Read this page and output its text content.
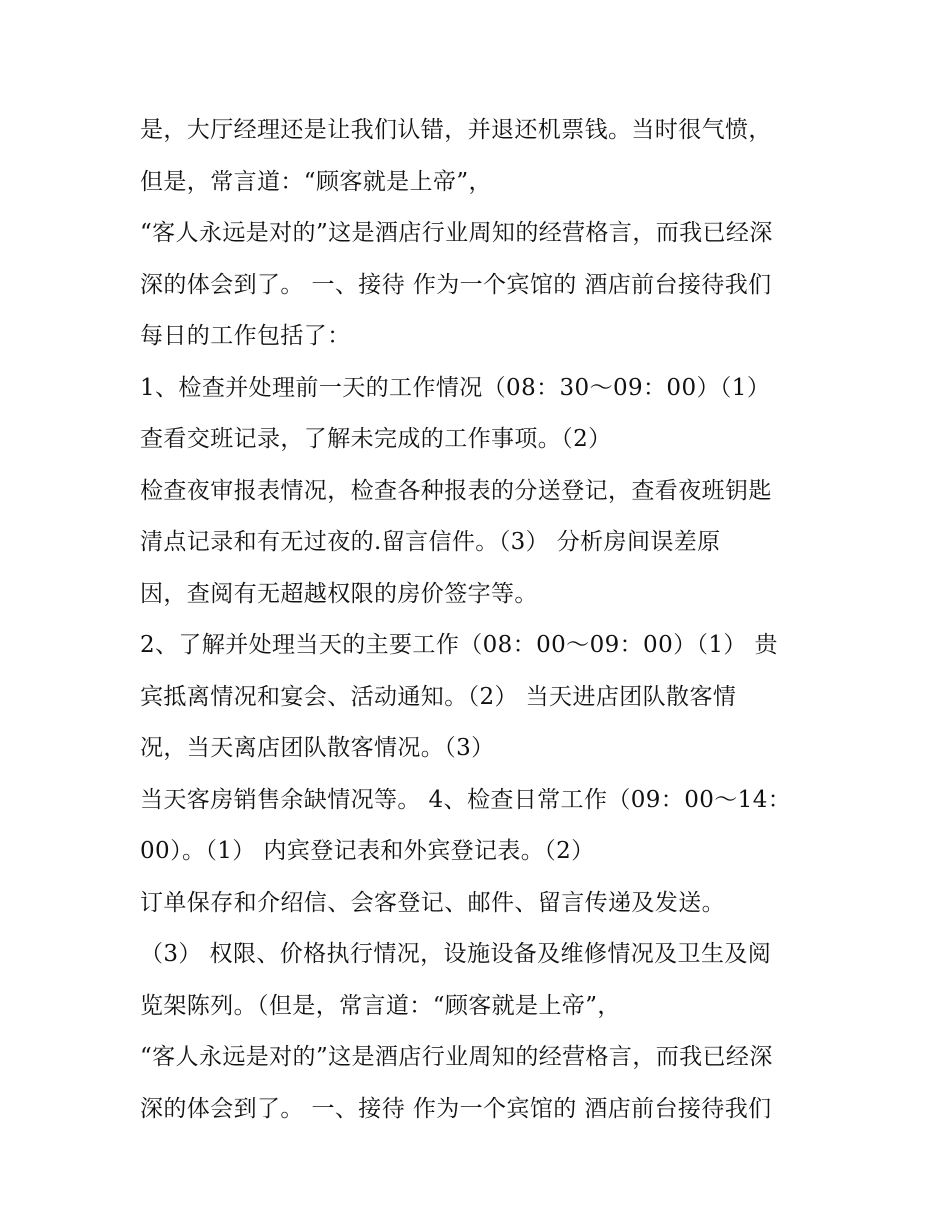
是，大厅经理还是让我们认错，并退还机票钱。当时很气愤，
但是，常言道：“顾客就是上帝”，
“客人永远是对的”这是酒店行业周知的经营格言，而我已经深
深的体会到了。 一、接待 作为一个宾馆的 酒店前台接待我们
每日的工作包括了：
1、检查并处理前一天的工作情况（08：30～09：00）（1）
查看交班记录，了解未完成的工作事项。（2）
检查夜审报表情况，检查各种报表的分送登记，查看夜班钥匙
清点记录和有无过夜的.留言信件。（3） 分析房间误差原
因，查阅有无超越权限的房价签字等。
2、了解并处理当天的主要工作（08：00～09：00）（1） 贵
宾抵离情况和宴会、活动通知。（2） 当天进店团队散客情
况，当天离店团队散客情况。（3）
当天客房销售余缺情况等。 4、检查日常工作（09：00～14：
00）。（1） 内宾登记表和外宾登记表。（2）
订单保存和介绍信、会客登记、邮件、留言传递及发送。
（3） 权限、价格执行情况，设施设备及维修情况及卫生及阅
览架陈列。（但是，常言道：“顾客就是上帝”，
“客人永远是对的”这是酒店行业周知的经营格言，而我已经深
深的体会到了。 一、接待 作为一个宾馆的 酒店前台接待我们
